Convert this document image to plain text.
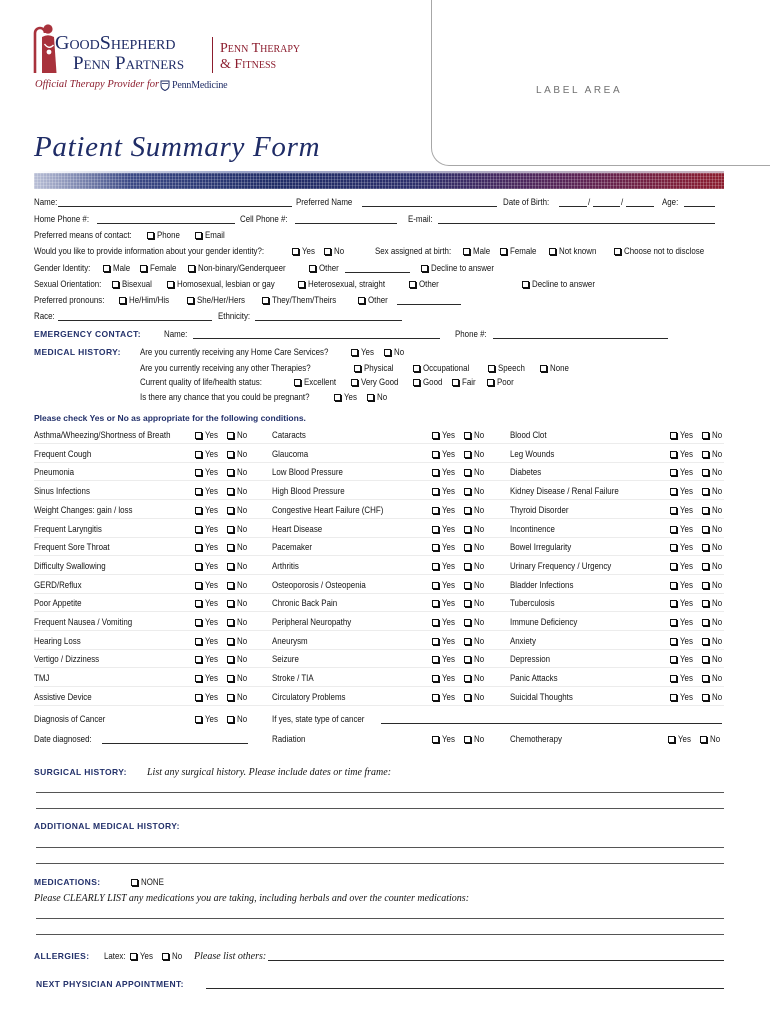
GoodShepherd
Penn Partners
Penn Therapy
& Fitness
Official Therapy Provider for PennMedicine	LABEL AREA
Patient Summary Form
Name:	Preferred Name	Date of Birth:	/	/	Age:
Home Phone #:	Cell Phone #:	E-mail:
Preferred means of contact:	Phone	Email
Would you like to provide information about your gender identity?:	Yes No	Sex assigned at birth: Male Female	Not known	Choose not to disclose
Gender Identity:	Male Female Non-binary/Genderqueer	Other	Decline to answer
Sexual Orientation: Bisexual	Homosexual, lesbian or gay	Heterosexual, straight	Other	Decline to answer
Preferred pronouns:	He/Him/His	She/Her/Hers	They/Them/Theirs	Other
Race:	Ethnicity:
EMERGENCY CONTACT:	Name:	Phone #:
MEDICAL HISTORY: Are you currently receiving any Home Care Services?	Yes No
Are you currently receiving any other Therapies?	Physical	Occupational	Speech	None
Current quality of life/health status:	Excellent	Very Good	Good Fair Poor
Is there any chance that you could be pregnant?	Yes No
Please check Yes or No as appropriate for the following conditions.
Asthma/Wheezing/Shortness of Breath	Yes No	Cataracts	Yes No	Blood Clot	Yes No
Frequent Cough	Yes No	Glaucoma	Yes No	Leg Wounds	Yes No
Pneumonia	Yes No	Low Blood Pressure	Yes No	Diabetes	Yes No
Sinus Infections	Yes No	High Blood Pressure	Yes No	Kidney Disease / Renal Failure	Yes No
Weight Changes: gain / loss	Yes No	Congestive Heart Failure (CHF)	Yes No	Thyroid Disorder	Yes No
Frequent Laryngitis	Yes No	Heart Disease	Yes No	Incontinence	Yes No
Frequent Sore Throat	Yes No	Pacemaker	Yes No	Bowel Irregularity	Yes No
Difficulty Swallowing	Yes No	Arthritis	Yes No	Urinary Frequency / Urgency	Yes No
GERD/Reflux	Yes No	Osteoporosis / Osteopenia	Yes No	Bladder Infections	Yes No
Poor Appetite	Yes No	Chronic Back Pain	Yes No	Tuberculosis	Yes No
Frequent Nausea / Vomiting	Yes No	Peripheral Neuropathy	Yes No	Immune Deficiency	Yes No
Hearing Loss	Yes No	Aneurysm	Yes No	Anxiety	Yes No
Vertigo / Dizziness	Yes No	Seizure	Yes No	Depression	Yes No
TMJ	Yes No	Stroke / TIA	Yes No	Panic Attacks	Yes No
Assistive Device	Yes No	Circulatory Problems	Yes No	Suicidal Thoughts	Yes No
Diagnosis of Cancer	Yes No	If yes, state type of cancer
Date diagnosed:	Radiation	Yes No	Chemotherapy	Yes No
SURGICAL HISTORY: List any surgical history. Please include dates or time frame:
ADDITIONAL MEDICAL HISTORY:
MEDICATIONS:	NONE
Please CLEARLY LIST any medications you are taking, including herbals and over the counter medications:
ALLERGIES: Latex: Yes No Please list others:
NEXT PHYSICIAN APPOINTMENT:
